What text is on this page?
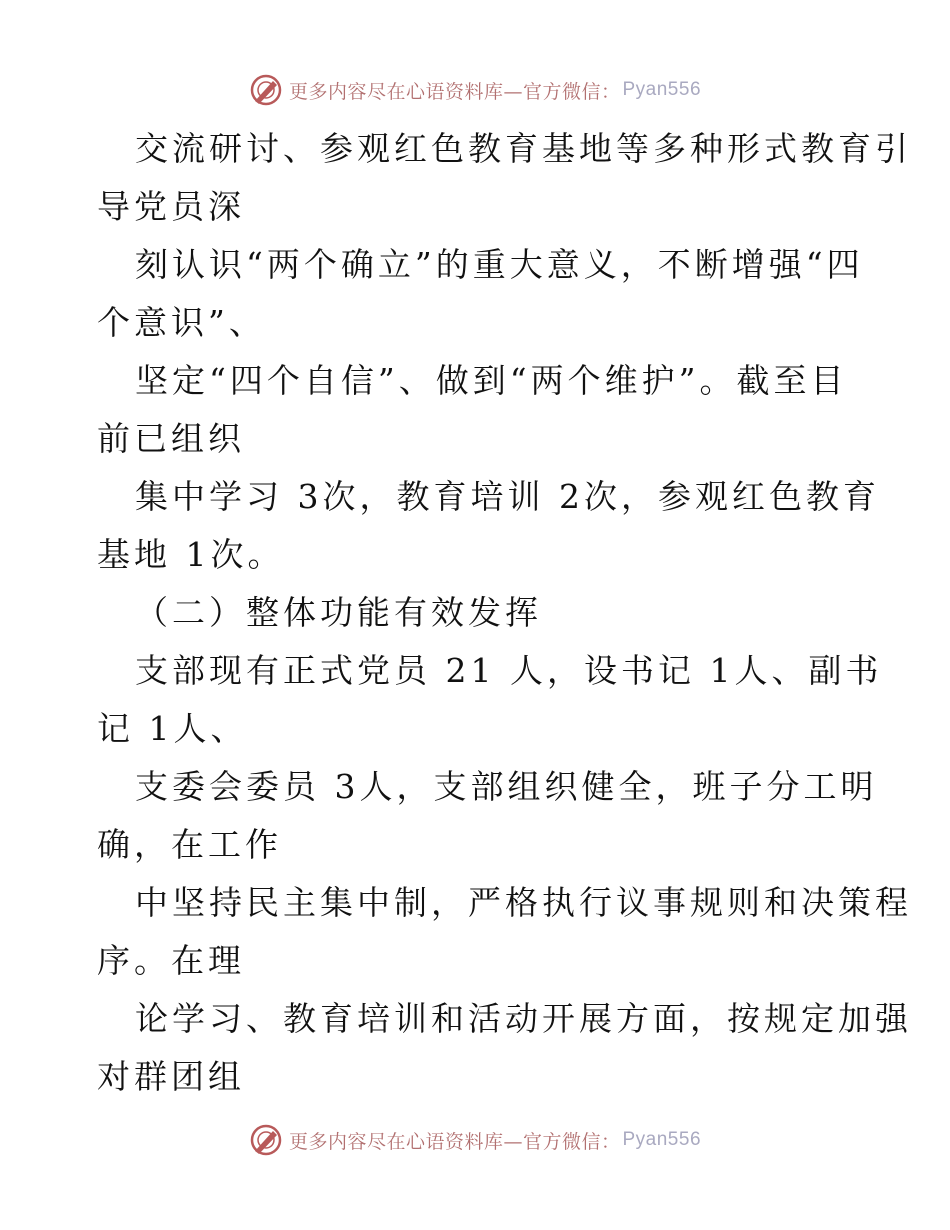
更多内容尽在心语资料库—官方微信： Pyan556
交流研讨、参观红色教育基地等多种形式教育引
导党员深
刻认识“两个确立”的重大意义，不断增强“四
个意识”、
坚定“四个自信”、做到“两个维护”。截至目
前已组织
集中学习 3次，教育培训 2次，参观红色教育
基地 1次。
（二）整体功能有效发挥
支部现有正式党员 21 人，设书记 1人、副书
记 1人、
支委会委员 3人，支部组织健全，班子分工明
确，在工作
中坚持民主集中制，严格执行议事规则和决策程
序。在理
论学习、教育培训和活动开展方面，按规定加强
对群团组
更多内容尽在心语资料库—官方微信： Pyan556
